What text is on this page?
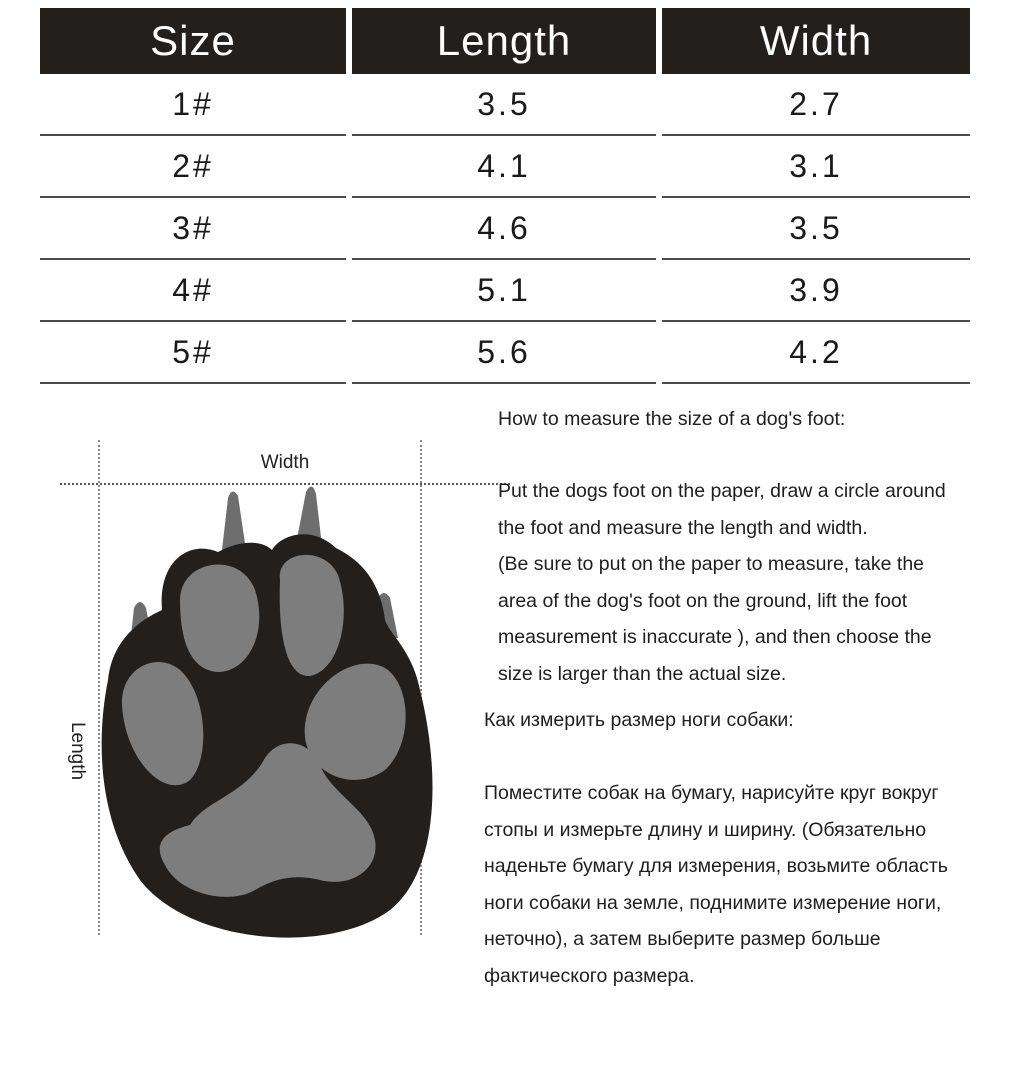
Size	Length	Width
1#	3.5	2.7
2#	4.1	3.1
3#	4.6	3.5
4#	5.1	3.9
5#	5.6	4.2
Width
Length
How to measure the size of a dog's foot:
Put the dogs foot on the paper, draw a circle around
the foot and measure the length and width.
(Be sure to put on the paper to measure, take the
area of the dog's foot on the ground, lift the foot
measurement is inaccurate ), and then choose the
size is larger than the actual size.
Как измерить размер ноги собаки:
Поместите собак на бумагу, нарисуйте круг вокруг
стопы и измерьте длину и ширину. (Обязательно
наденьте бумагу для измерения, возьмите область
ноги собаки на земле, поднимите измерение ноги,
неточно), а затем выберите размер больше
фактического размера.
